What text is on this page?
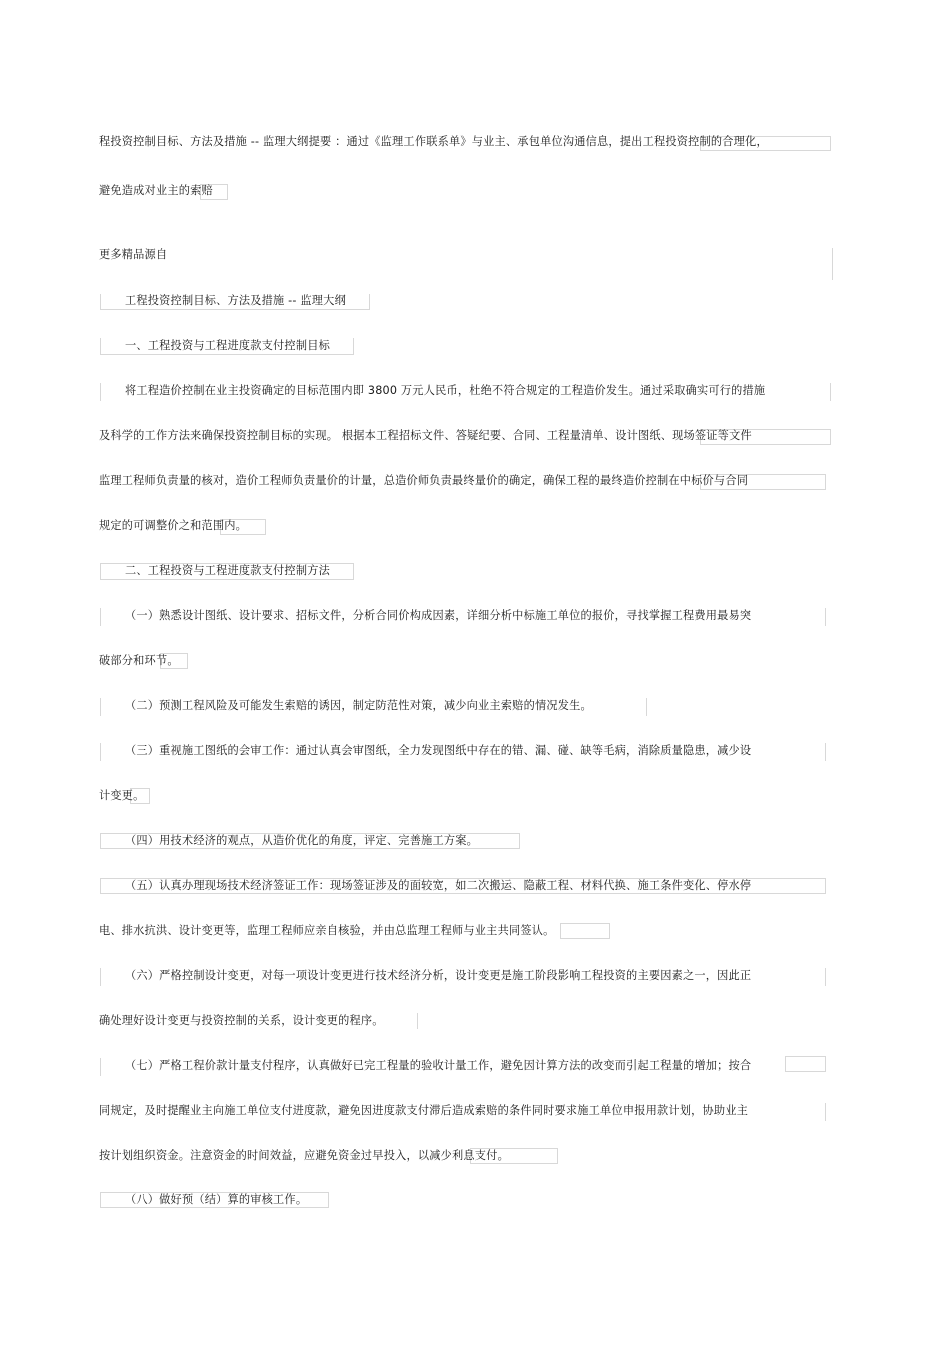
程投资控制目标、方法及措施 -- 监理大纲提要 ：通过《监理工作联系单》与业主、承包单位沟通信息，提出工程投资控制的合理化，
避免造成对业主的索赔
更多精品源自
工程投资控制目标、方法及措施 -- 监理大纲
一、工程投资与工程进度款支付控制目标
将工程造价控制在业主投资确定的目标范围内即 3800 万元人民币，杜绝不符合规定的工程造价发生。通过采取确实可行的措施
及科学的工作方法来确保投资控制目标的实现。 根据本工程招标文件、答疑纪要、合同、工程量清单、设计图纸、现场签证等文件
监理工程师负责量的核对，造价工程师负责量价的计量，总造价师负责最终量价的确定，确保工程的最终造价控制在中标价与合同
规定的可调整价之和范围内。
二、工程投资与工程进度款支付控制方法
（一）熟悉设计图纸、设计要求、招标文件，分析合同价构成因素，详细分析中标施工单位的报价，寻找掌握工程费用最易突
破部分和环节。
（二）预测工程风险及可能发生索赔的诱因，制定防范性对策，减少向业主索赔的情况发生。
（三）重视施工图纸的会审工作：通过认真会审图纸，全力发现图纸中存在的错、漏、碰、缺等毛病，消除质量隐患，减少设
计变更。
（四）用技术经济的观点，从造价优化的角度，评定、完善施工方案。
（五）认真办理现场技术经济签证工作：现场签证涉及的面较宽，如二次搬运、隐蔽工程、材料代换、施工条件变化、停水停
电、排水抗洪、设计变更等，监理工程师应亲自核验，并由总监理工程师与业主共同签认。
（六）严格控制设计变更，对每一项设计变更进行技术经济分析，设计变更是施工阶段影响工程投资的主要因素之一，因此正
确处理好设计变更与投资控制的关系，设计变更的程序。
（七）严格工程价款计量支付程序，认真做好已完工程量的验收计量工作，避免因计算方法的改变而引起工程量的增加；按合
同规定，及时提醒业主向施工单位支付进度款，避免因进度款支付滞后造成索赔的条件同时要求施工单位申报用款计划，协助业主
按计划组织资金。注意资金的时间效益，应避免资金过早投入，以减少利息支付。
（八）做好预（结）算的审核工作。
